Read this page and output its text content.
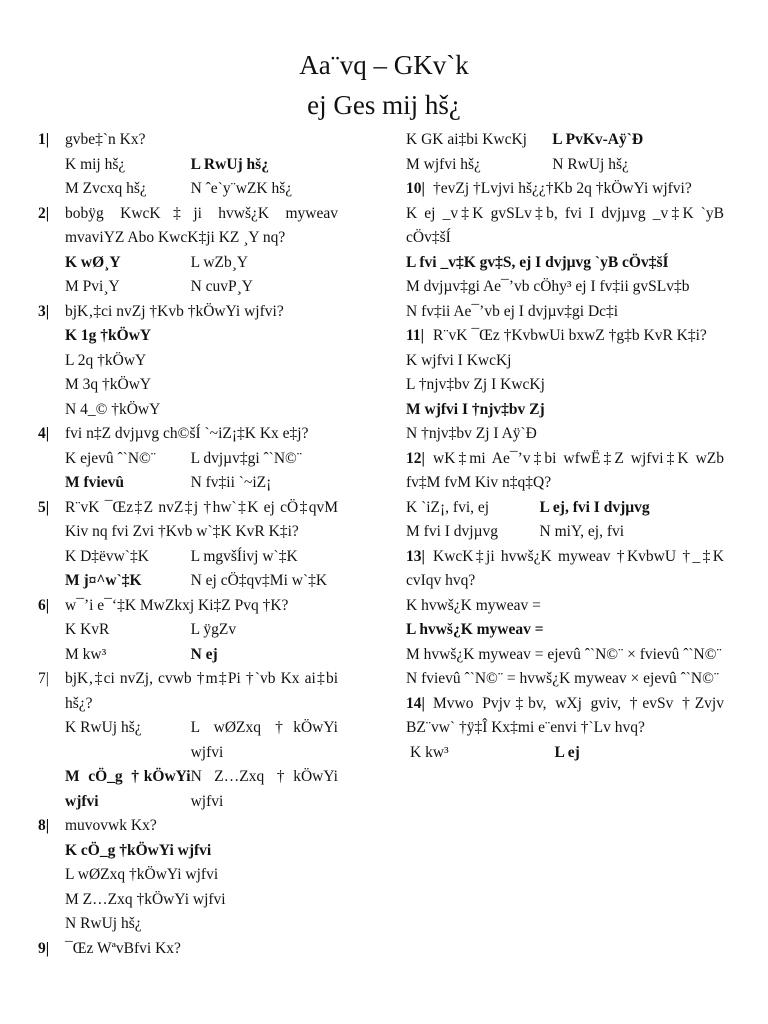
Aa¨vq – GKv`k
ej Ges mij hš¿
1| gvbe‡`n Kx?
K mij hš¿	L RwUj hš¿
M Zvcxq hš¿	N ˆe`y¨wZK hš¿
2| bobÿg KwcK‡ji hvwš¿K myweav mvaviYZ Abo KwcK‡ji KZ ¸Y nq?
K wØ¸Y	L wZb¸Y
M Pvi¸Y	N cuvP¸Y
3| bjK‚‡ci nvZj †Kvb †kÖwYi wjfvi?
K 1g †kÖwY
L 2q †kÖwY
M 3q †kÖwY
N 4_© †kÖwY
4| fvi n‡Z dvjµvg ch©šÍ `~iZ¡‡K Kx e‡j?
K ejevû ˆ`N©¨	L dvjµv‡gi ˆ`N©¨
M fvievû	N fv‡ii `~iZ¡
5| R¨vK ¯Œz‡Z nvZ‡j †hw`‡K ej cÖ‡qvM Kiv nq fvi Zvi †Kvb w`‡K KvR K‡i?
K D‡ëvw`‡K	L mgvšÍivj w`‡K
M j¤^w`‡K	N ej cÖ‡qv‡Mi w`‡K
6| w¯’i e¯‘‡K MwZkxj Ki‡Z Pvq †K?
K KvR	L ÿgZv
M kw³	N ej
7| bjK‚‡ci nvZj, cvwb †m‡Pi †`vb Kx ai‡bi hš¿?
K RwUj hš¿	L wØZxq †kÖwYi wjfvi
M cÖ_g †kÖwYi wjfvi
N Z…Zxq †kÖwYi wjfvi
8| muvovwk Kx?
K cÖ_g †kÖwYi wjfvi
L wØZxq †kÖwYi wjfvi
M Z…Zxq †kÖwYi wjfvi
N RwUj hš¿
9| ¯Œz WªvBfvi Kx?
K GK ai‡bi KwcKj	L PvKv-Aÿ`Ð
M wjfvi hš¿	N RwUj hš¿
10| †evZj †Lvjvi hš¿¿†Kb 2q †kÖwYi wjfvi?
K ej _v‡K gvSLv‡b, fvi I dvjµvg _v‡K `yB cÖv‡šÍ
L fvi _v‡K gv‡S, ej I dvjµvg `yB cÖv‡šÍ
M dvjµv‡gi Ae¯’vb cÖhy³ ej I fv‡ii gvSLv‡b
N fv‡ii Ae¯’vb ej I dvjµv‡gi Dc‡i
11| R¨vK ¯Œz †KvbwUi bxwZ †g‡b KvR K‡i?
K wjfvi I KwcKj
L †njv‡bv Zj I KwcKj
M wjfvi I †njv‡bv Zj
N †njv‡bv Zj I Aÿ`Ð
12| wK‡mi Ae¯’v‡bi wfwË‡Z wjfvi‡K wZb fv‡M fvM Kiv n‡q‡Q?
K `iZ¡, fvi, ej	L ej, fvi I dvjµvg
M fvi I dvjµvg	N miY, ej, fvi
13| KwcK‡ji hvwš¿K myweav †KvbwU †_‡K cvIqv hvq?
K hvwš¿K myweav =
L hvwš¿K myweav =
M hvwš¿K myweav = ejevû ˆ`N©¨ × fvievû ˆ`N©¨
N fvievû ˆ`N©¨ = hvwš¿K myweav × ejevû ˆ`N©¨
14| Mvwo Pvjv‡bv, wXj gviv, †evSv †Zvjv BZ¨vw` †ÿ‡Î Kx‡mi e¨envi †`Lv hvq?
K kw³	L ej
